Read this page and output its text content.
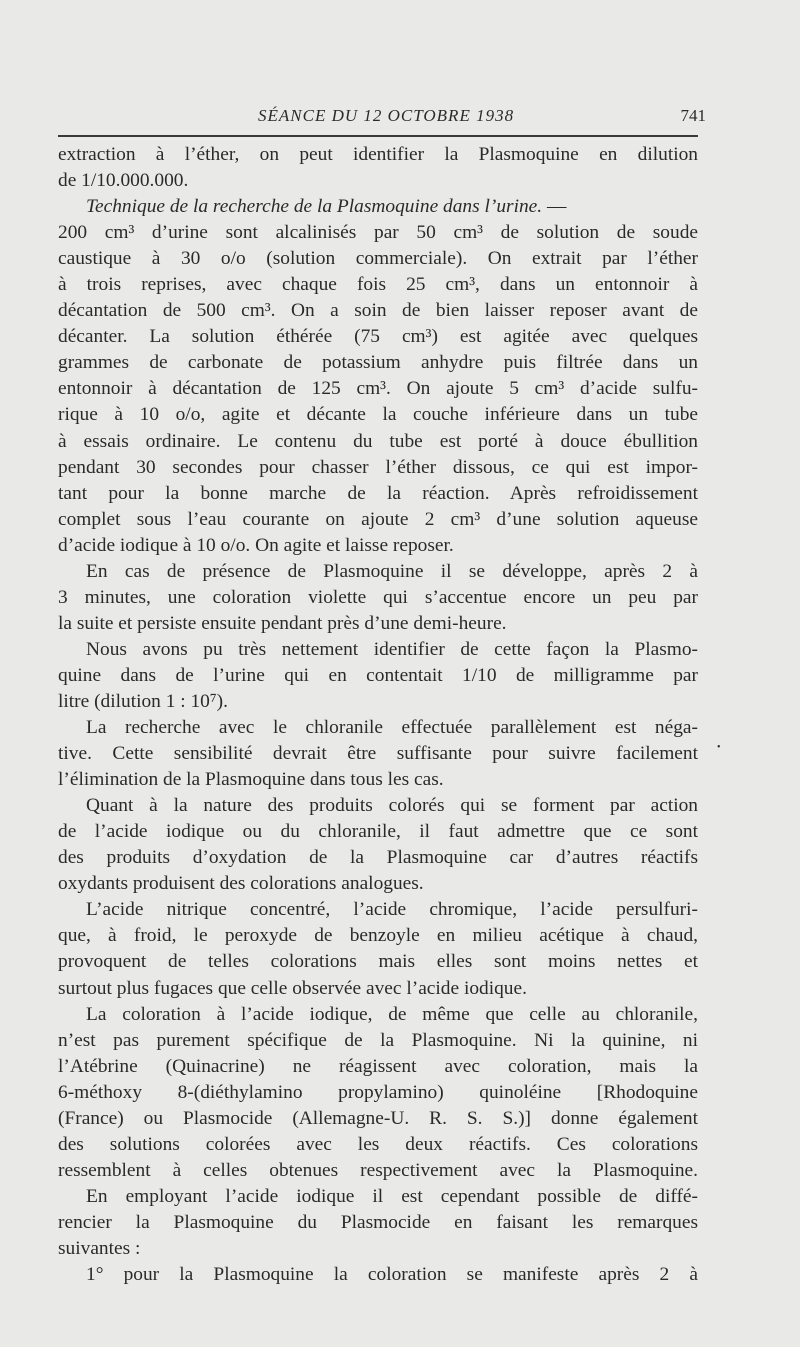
SÉANCE DU 12 OCTOBRE 1938	741
•
extraction à l’éther, on peut identifier la Plasmoquine en dilution
de 1/10.000.000.
Technique de la recherche de la Plasmoquine dans l’urine. —
200 cm³ d’urine sont alcalinisés par 50 cm³ de solution de soude
caustique à 30 o/o (solution commerciale). On extrait par l’éther
à trois reprises, avec chaque fois 25 cm³, dans un entonnoir à
décantation de 500 cm³. On a soin de bien laisser reposer avant de
décanter. La solution éthérée (75 cm³) est agitée avec quelques
grammes de carbonate de potassium anhydre puis filtrée dans un
entonnoir à décantation de 125 cm³. On ajoute 5 cm³ d’acide sulfu-
rique à 10 o/o, agite et décante la couche inférieure dans un tube
à essais ordinaire. Le contenu du tube est porté à douce ébullition
pendant 30 secondes pour chasser l’éther dissous, ce qui est impor-
tant pour la bonne marche de la réaction. Après refroidissement
complet sous l’eau courante on ajoute 2 cm³ d’une solution aqueuse
d’acide iodique à 10 o/o. On agite et laisse reposer.
En cas de présence de Plasmoquine il se développe, après 2 à
3 minutes, une coloration violette qui s’accentue encore un peu par
la suite et persiste ensuite pendant près d’une demi-heure.
Nous avons pu très nettement identifier de cette façon la Plasmo-
quine dans de l’urine qui en contentait 1/10 de milligramme par
litre (dilution 1 : 10⁷).
La recherche avec le chloranile effectuée parallèlement est néga-
tive. Cette sensibilité devrait être suffisante pour suivre facilement
l’élimination de la Plasmoquine dans tous les cas.
Quant à la nature des produits colorés qui se forment par action
de l’acide iodique ou du chloranile, il faut admettre que ce sont
des produits d’oxydation de la Plasmoquine car d’autres réactifs
oxydants produisent des colorations analogues.
L’acide nitrique concentré, l’acide chromique, l’acide persulfuri-
que, à froid, le peroxyde de benzoyle en milieu acétique à chaud,
provoquent de telles colorations mais elles sont moins nettes et
surtout plus fugaces que celle observée avec l’acide iodique.
La coloration à l’acide iodique, de même que celle au chloranile,
n’est pas purement spécifique de la Plasmoquine. Ni la quinine, ni
l’Atébrine (Quinacrine) ne réagissent avec coloration, mais la
6-méthoxy 8-(diéthylamino propylamino) quinoléine [Rhodoquine
(France) ou Plasmocide (Allemagne-U. R. S. S.)] donne également
des solutions colorées avec les deux réactifs. Ces colorations
ressemblent à celles obtenues respectivement avec la Plasmoquine.
En employant l’acide iodique il est cependant possible de diffé-
rencier la Plasmoquine du Plasmocide en faisant les remarques
suivantes :
1° pour la Plasmoquine la coloration se manifeste après 2 à
